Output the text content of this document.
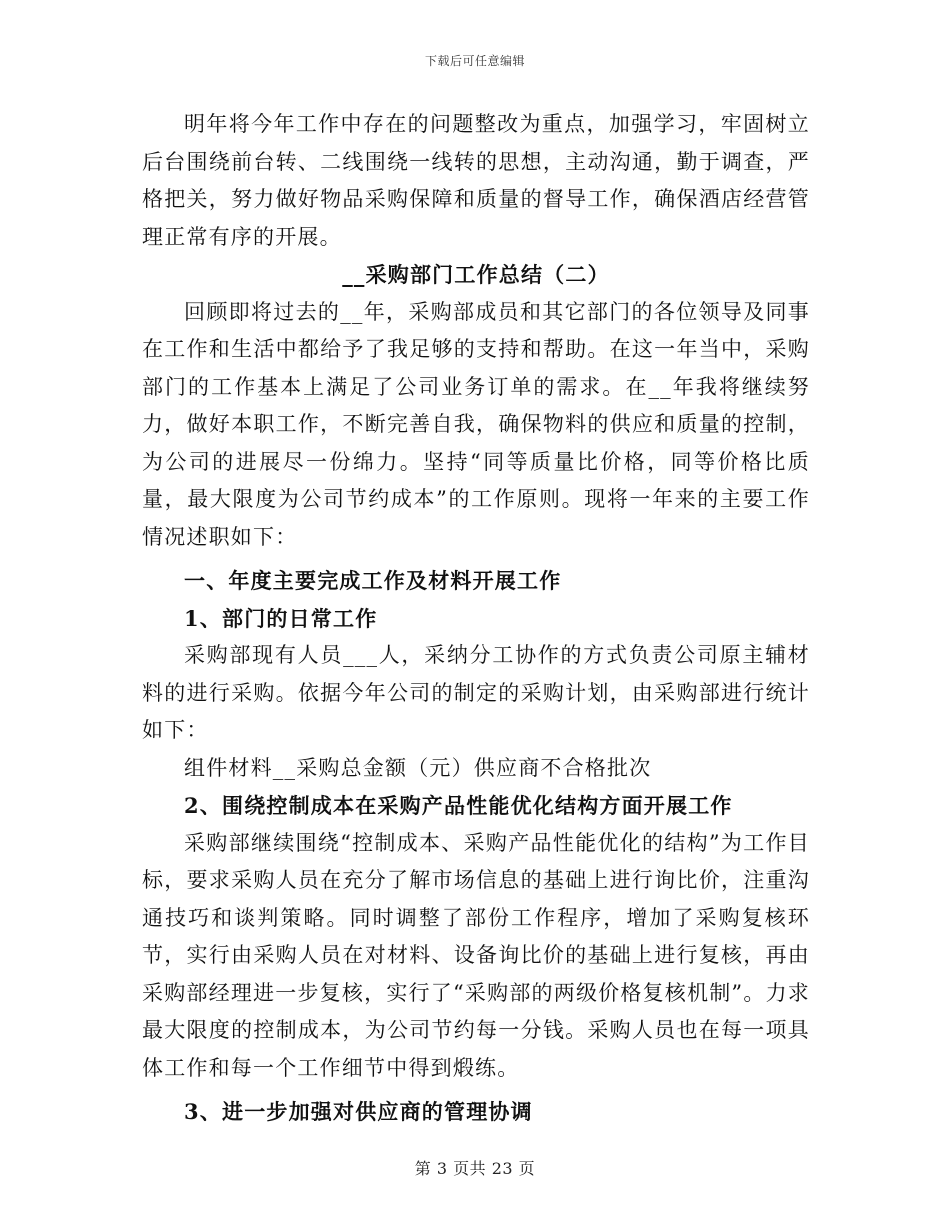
下载后可任意编辑

明年将今年工作中存在的问题整改为重点，加强学习，牢固树立后台围绕前台转、二线围绕一线转的思想，主动沟通，勤于调查，严格把关，努力做好物品采购保障和质量的督导工作，确保酒店经营管理正常有序的开展。

__采购部门工作总结（二）

回顾即将过去的__年，采购部成员和其它部门的各位领导及同事在工作和生活中都给予了我足够的支持和帮助。在这一年当中，采购部门的工作基本上满足了公司业务订单的需求。在__年我将继续努力，做好本职工作，不断完善自我，确保物料的供应和质量的控制，为公司的进展尽一份绵力。坚持“同等质量比价格，同等价格比质量，最大限度为公司节约成本”的工作原则。现将一年来的主要工作情况述职如下：

一、年度主要完成工作及材料开展工作

1、部门的日常工作

采购部现有人员___人，采纳分工协作的方式负责公司原主辅材料的进行采购。依据今年公司的制定的采购计划，由采购部进行统计如下：

组件材料__采购总金额（元）供应商不合格批次

2、围绕控制成本在采购产品性能优化结构方面开展工作

采购部继续围绕“控制成本、采购产品性能优化的结构”为工作目标，要求采购人员在充分了解市场信息的基础上进行询比价，注重沟通技巧和谈判策略。同时调整了部份工作程序，增加了采购复核环节，实行由采购人员在对材料、设备询比价的基础上进行复核，再由采购部经理进一步复核，实行了“采购部的两级价格复核机制”。力求最大限度的控制成本，为公司节约每一分钱。采购人员也在每一项具体工作和每一个工作细节中得到煅练。

3、进一步加强对供应商的管理协调

第 3 页共 23 页
